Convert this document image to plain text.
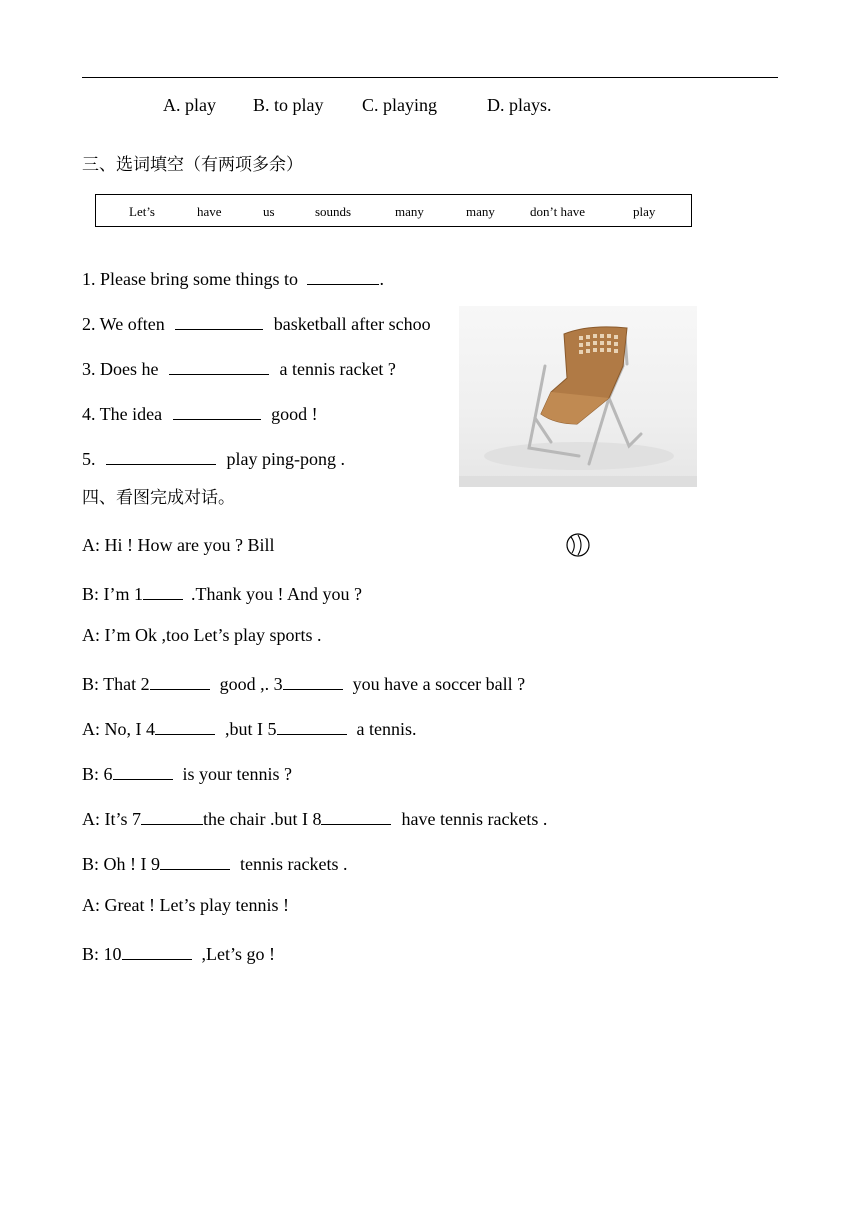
A. play B. to play C. playing	D. plays.
三、选词填空（有两项多余）
Let’s	have	us	sounds	many	many	don’t have	play
1. Please bring some things to	.
2. We often	basketball after schoo
3. Does he	a tennis racket ?
4. The idea	good !
5.	play ping-pong .
四、看图完成对话。
A: Hi ! How are you ? Bill
B: I’m 1	.Thank you ! And you ?
A: I’m Ok ,too Let’s play sports .
B: That 2	good ,. 3	you have a soccer ball ?
A: No, I 4	,but I 5	a tennis.
B: 6	is your tennis ?
A: It’s 7	the chair .but I 8	have tennis rackets .
B: Oh ! I 9	tennis rackets .
A: Great ! Let’s play tennis !
B: 10	,Let’s go !
